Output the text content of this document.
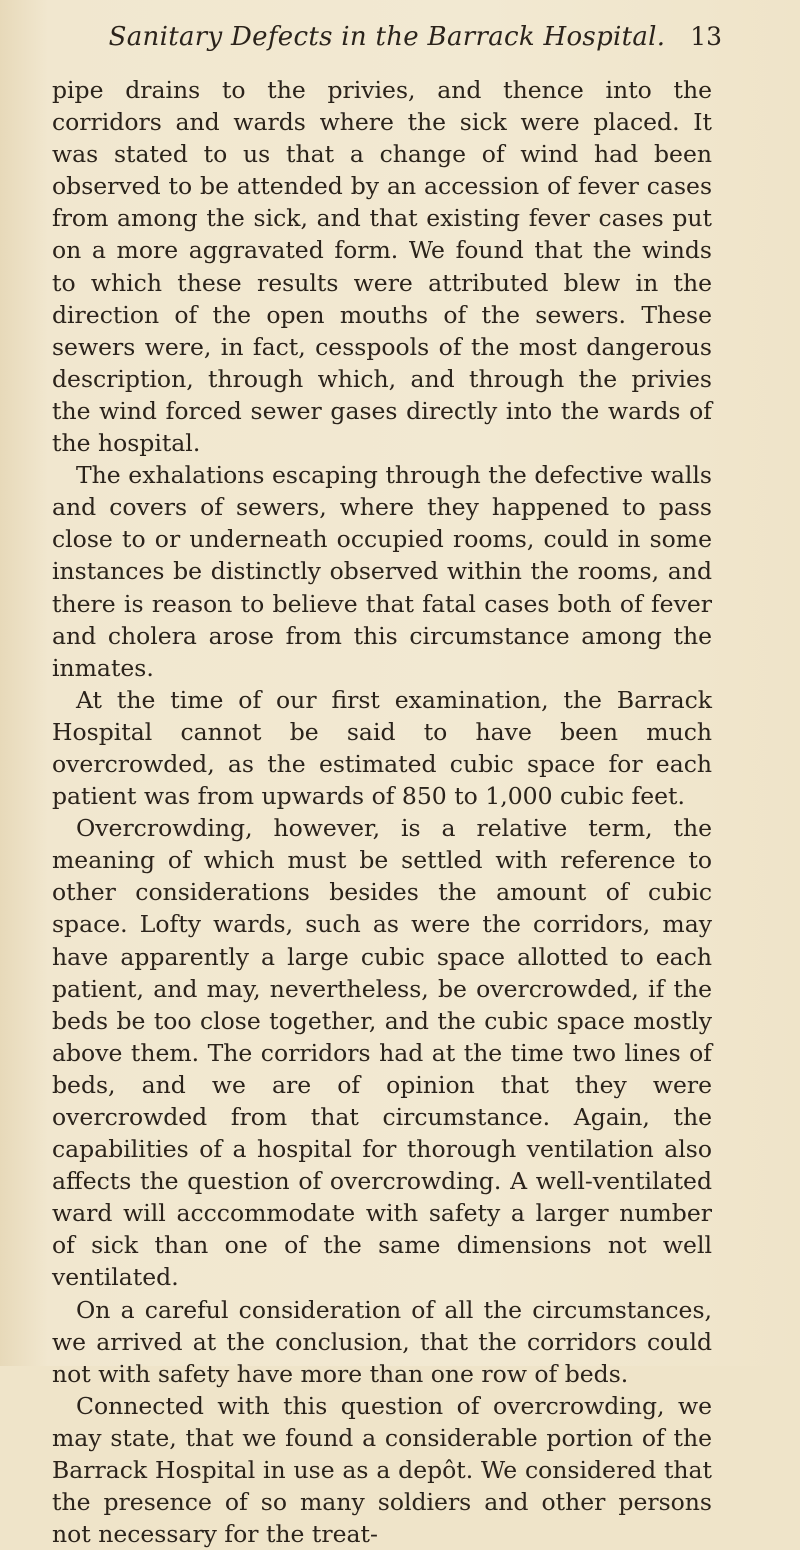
Sanitary Defects in the Barrack Hospital. 13

pipe drains to the privies, and thence into the corridors and wards where the sick were placed. It was stated to us that a change of wind had been observed to be attended by an accession of fever cases from among the sick, and that existing fever cases put on a more aggravated form. We found that the winds to which these results were attributed blew in the direction of the open mouths of the sewers. These sewers were, in fact, cesspools of the most dangerous description, through which, and through the privies the wind forced sewer gases directly into the wards of the hospital.

The exhalations escaping through the defective walls and covers of sewers, where they happened to pass close to or underneath occupied rooms, could in some instances be distinctly observed within the rooms, and there is reason to believe that fatal cases both of fever and cholera arose from this circumstance among the inmates.

At the time of our first examination, the Barrack Hospital cannot be said to have been much overcrowded, as the estimated cubic space for each patient was from upwards of 850 to 1,000 cubic feet.

Overcrowding, however, is a relative term, the meaning of which must be settled with reference to other considerations besides the amount of cubic space. Lofty wards, such as were the corridors, may have apparently a large cubic space allotted to each patient, and may, nevertheless, be overcrowded, if the beds be too close together, and the cubic space mostly above them. The corridors had at the time two lines of beds, and we are of opinion that they were overcrowded from that circumstance. Again, the capabilities of a hospital for thorough ventilation also affects the question of overcrowding. A well-ventilated ward will acccommodate with safety a larger number of sick than one of the same dimensions not well ventilated.

On a careful consideration of all the circumstances, we arrived at the conclusion, that the corridors could not with safety have more than one row of beds.

Connected with this question of overcrowding, we may state, that we found a considerable portion of the Barrack Hospital in use as a depôt. We considered that the presence of so many soldiers and other persons not necessary for the treat-
